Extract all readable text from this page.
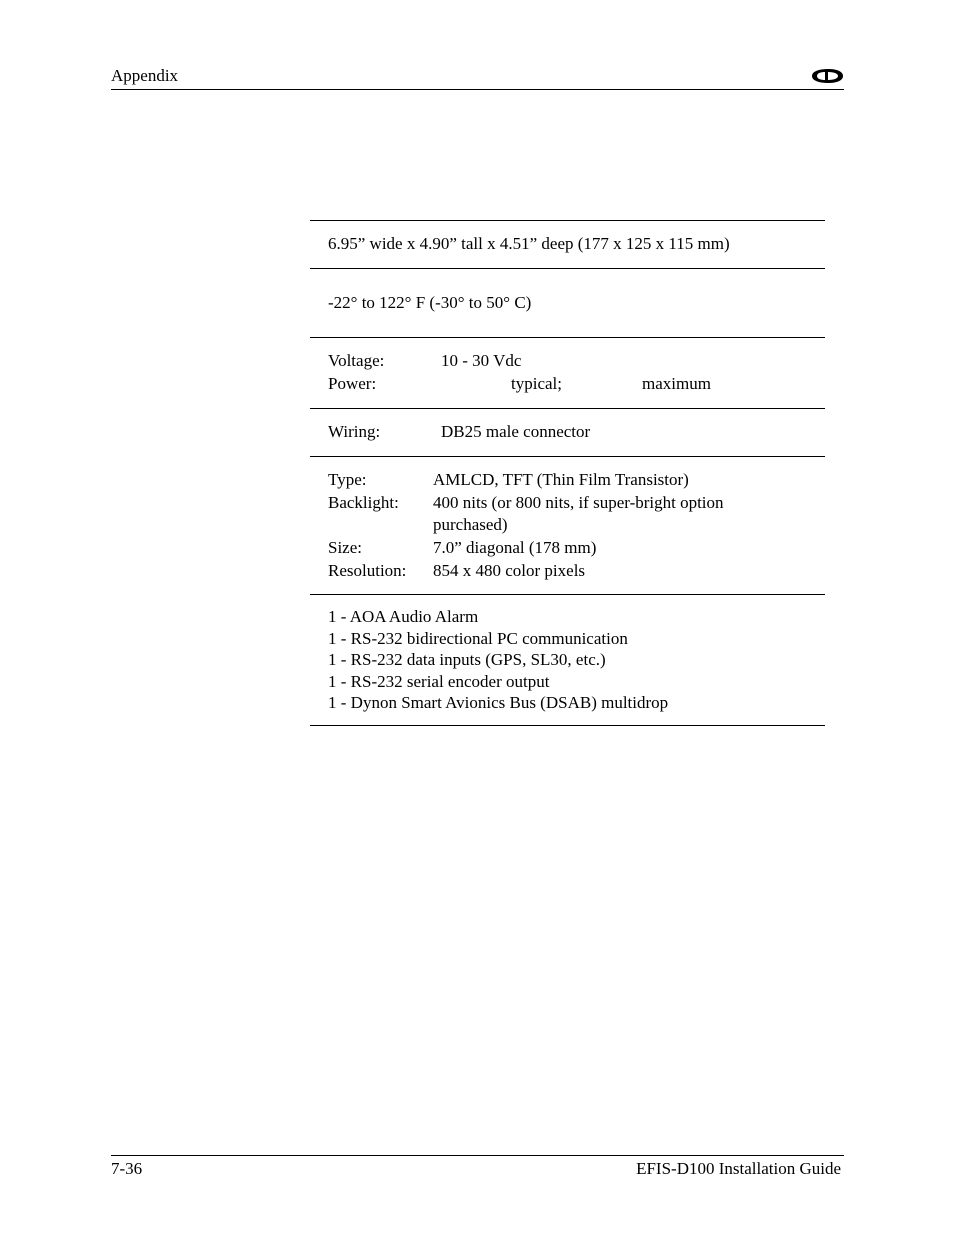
Appendix
6.95” wide x 4.90” tall x 4.51” deep (177 x 125 x 115 mm)
-22° to 122° F (-30° to 50° C)
Voltage:	10 - 30 Vdc
Power:	typical;	maximum
Wiring:	DB25 male connector
Type:	AMLCD, TFT (Thin Film Transistor)
Backlight: 400 nits (or 800 nits, if super-bright option
purchased)
Size:	7.0” diagonal (178 mm)
Resolution: 854 x 480 color pixels
1 - AOA Audio Alarm
1 - RS-232 bidirectional PC communication
1 - RS-232 data inputs (GPS, SL30, etc.)
1 - RS-232 serial encoder output
1 - Dynon Smart Avionics Bus (DSAB) multidrop
7-36	EFIS-D100 Installation Guide
